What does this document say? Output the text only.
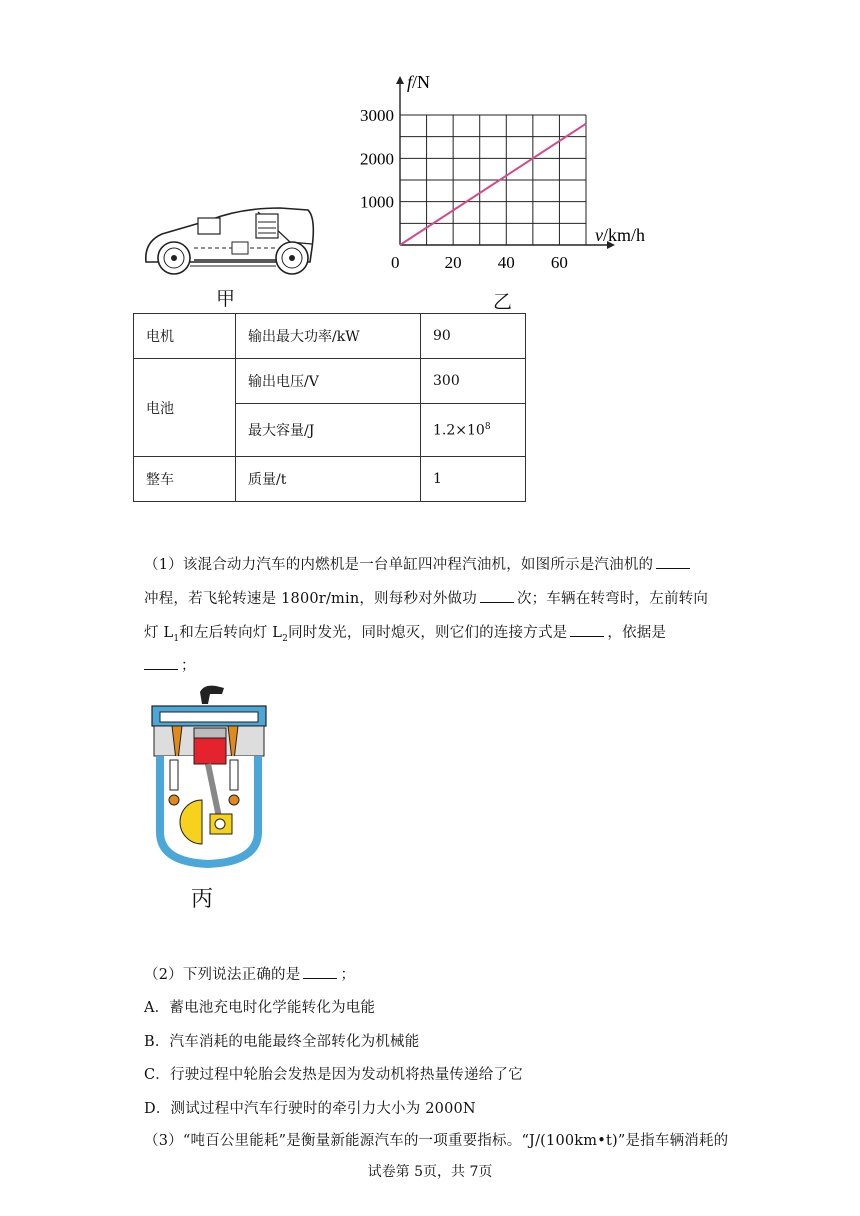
甲
20 40 60
1000
2000
3000
f/N
v/km/h
0
乙
电机	输出最大功率/kW	90
电池	输出电压/V	300
	最大容量/J	$1.2\times 10^8$
整车	质量/t	1
（1）该混合动力汽车的内燃机是一台单缸四冲程汽油机，如图所示是汽油机的
冲程，若飞轮转速是 1800r/min，则每秒对外做功	次；车辆在转弯时，左前转向
灯 $L_1$和左后转向灯 $L_2$同时发光，同时熄灭，则它们的连接方式是	，依据是
；
丙
（2）下列说法正确的是	；
A．蓄电池充电时化学能转化为电能
B．汽车消耗的电能最终全部转化为机械能
C．行驶过程中轮胎会发热是因为发动机将热量传递给了它
D．测试过程中汽车行驶时的牵引力大小为 2000N
（3）“吨百公里能耗”是衡量新能源汽车的一项重要指标。“J/(100km•t)”是指车辆消耗的
试卷第 5页，共 7页
